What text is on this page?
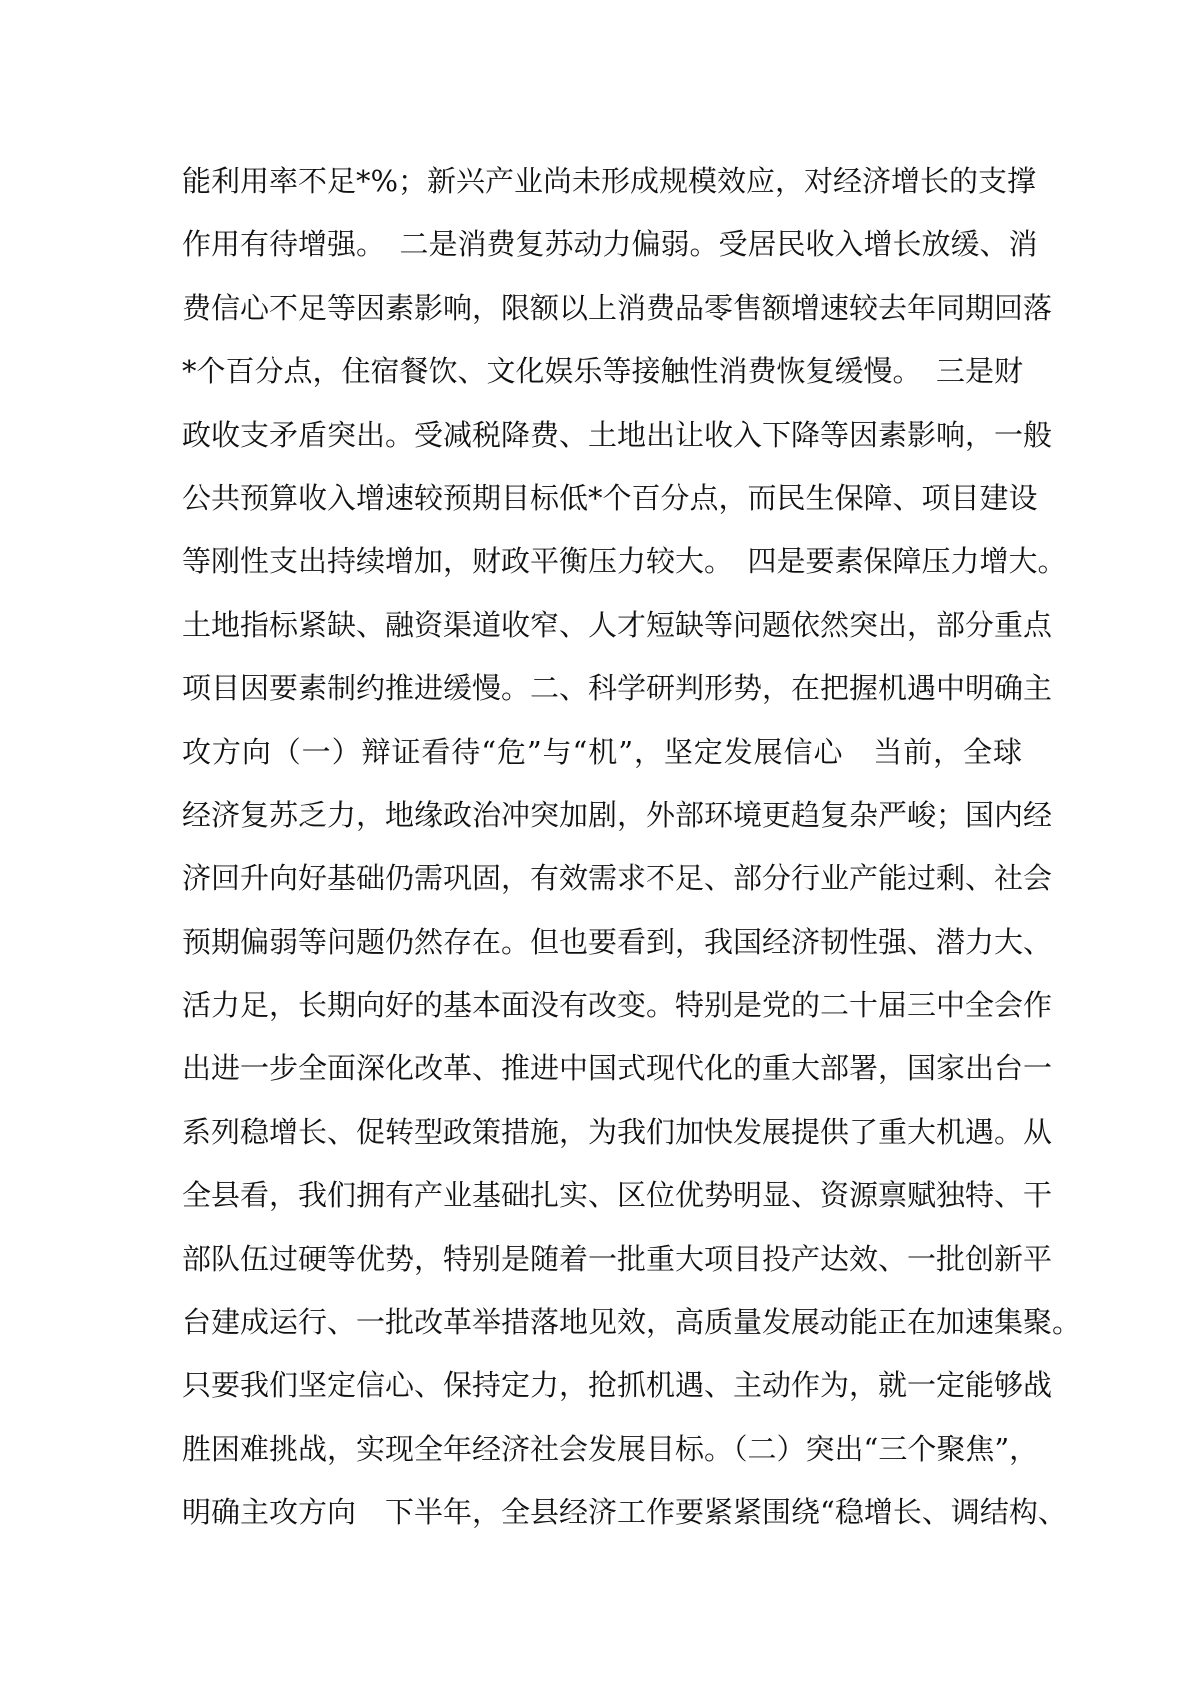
能利用率不足*%；新兴产业尚未形成规模效应，对经济增长的支撑
作用有待增强。　二是消费复苏动力偏弱。受居民收入增长放缓、消
费信心不足等因素影响，限额以上消费品零售额增速较去年同期回落
*个百分点，住宿餐饮、文化娱乐等接触性消费恢复缓慢。　三是财
政收支矛盾突出。受减税降费、土地出让收入下降等因素影响，一般
公共预算收入增速较预期目标低*个百分点，而民生保障、项目建设
等刚性支出持续增加，财政平衡压力较大。　四是要素保障压力增大。
土地指标紧缺、融资渠道收窄、人才短缺等问题依然突出，部分重点
项目因要素制约推进缓慢。二、科学研判形势，在把握机遇中明确主
攻方向（一）辩证看待“危”与“机”，坚定发展信心　当前，全球
经济复苏乏力，地缘政治冲突加剧，外部环境更趋复杂严峻；国内经
济回升向好基础仍需巩固，有效需求不足、部分行业产能过剩、社会
预期偏弱等问题仍然存在。但也要看到，我国经济韧性强、潜力大、
活力足，长期向好的基本面没有改变。特别是党的二十届三中全会作
出进一步全面深化改革、推进中国式现代化的重大部署，国家出台一
系列稳增长、促转型政策措施，为我们加快发展提供了重大机遇。从
全县看，我们拥有产业基础扎实、区位优势明显、资源禀赋独特、干
部队伍过硬等优势，特别是随着一批重大项目投产达效、一批创新平
台建成运行、一批改革举措落地见效，高质量发展动能正在加速集聚。
只要我们坚定信心、保持定力，抢抓机遇、主动作为，就一定能够战
胜困难挑战，实现全年经济社会发展目标。（二）突出“三个聚焦”，
明确主攻方向　下半年，全县经济工作要紧紧围绕“稳增长、调结构、
